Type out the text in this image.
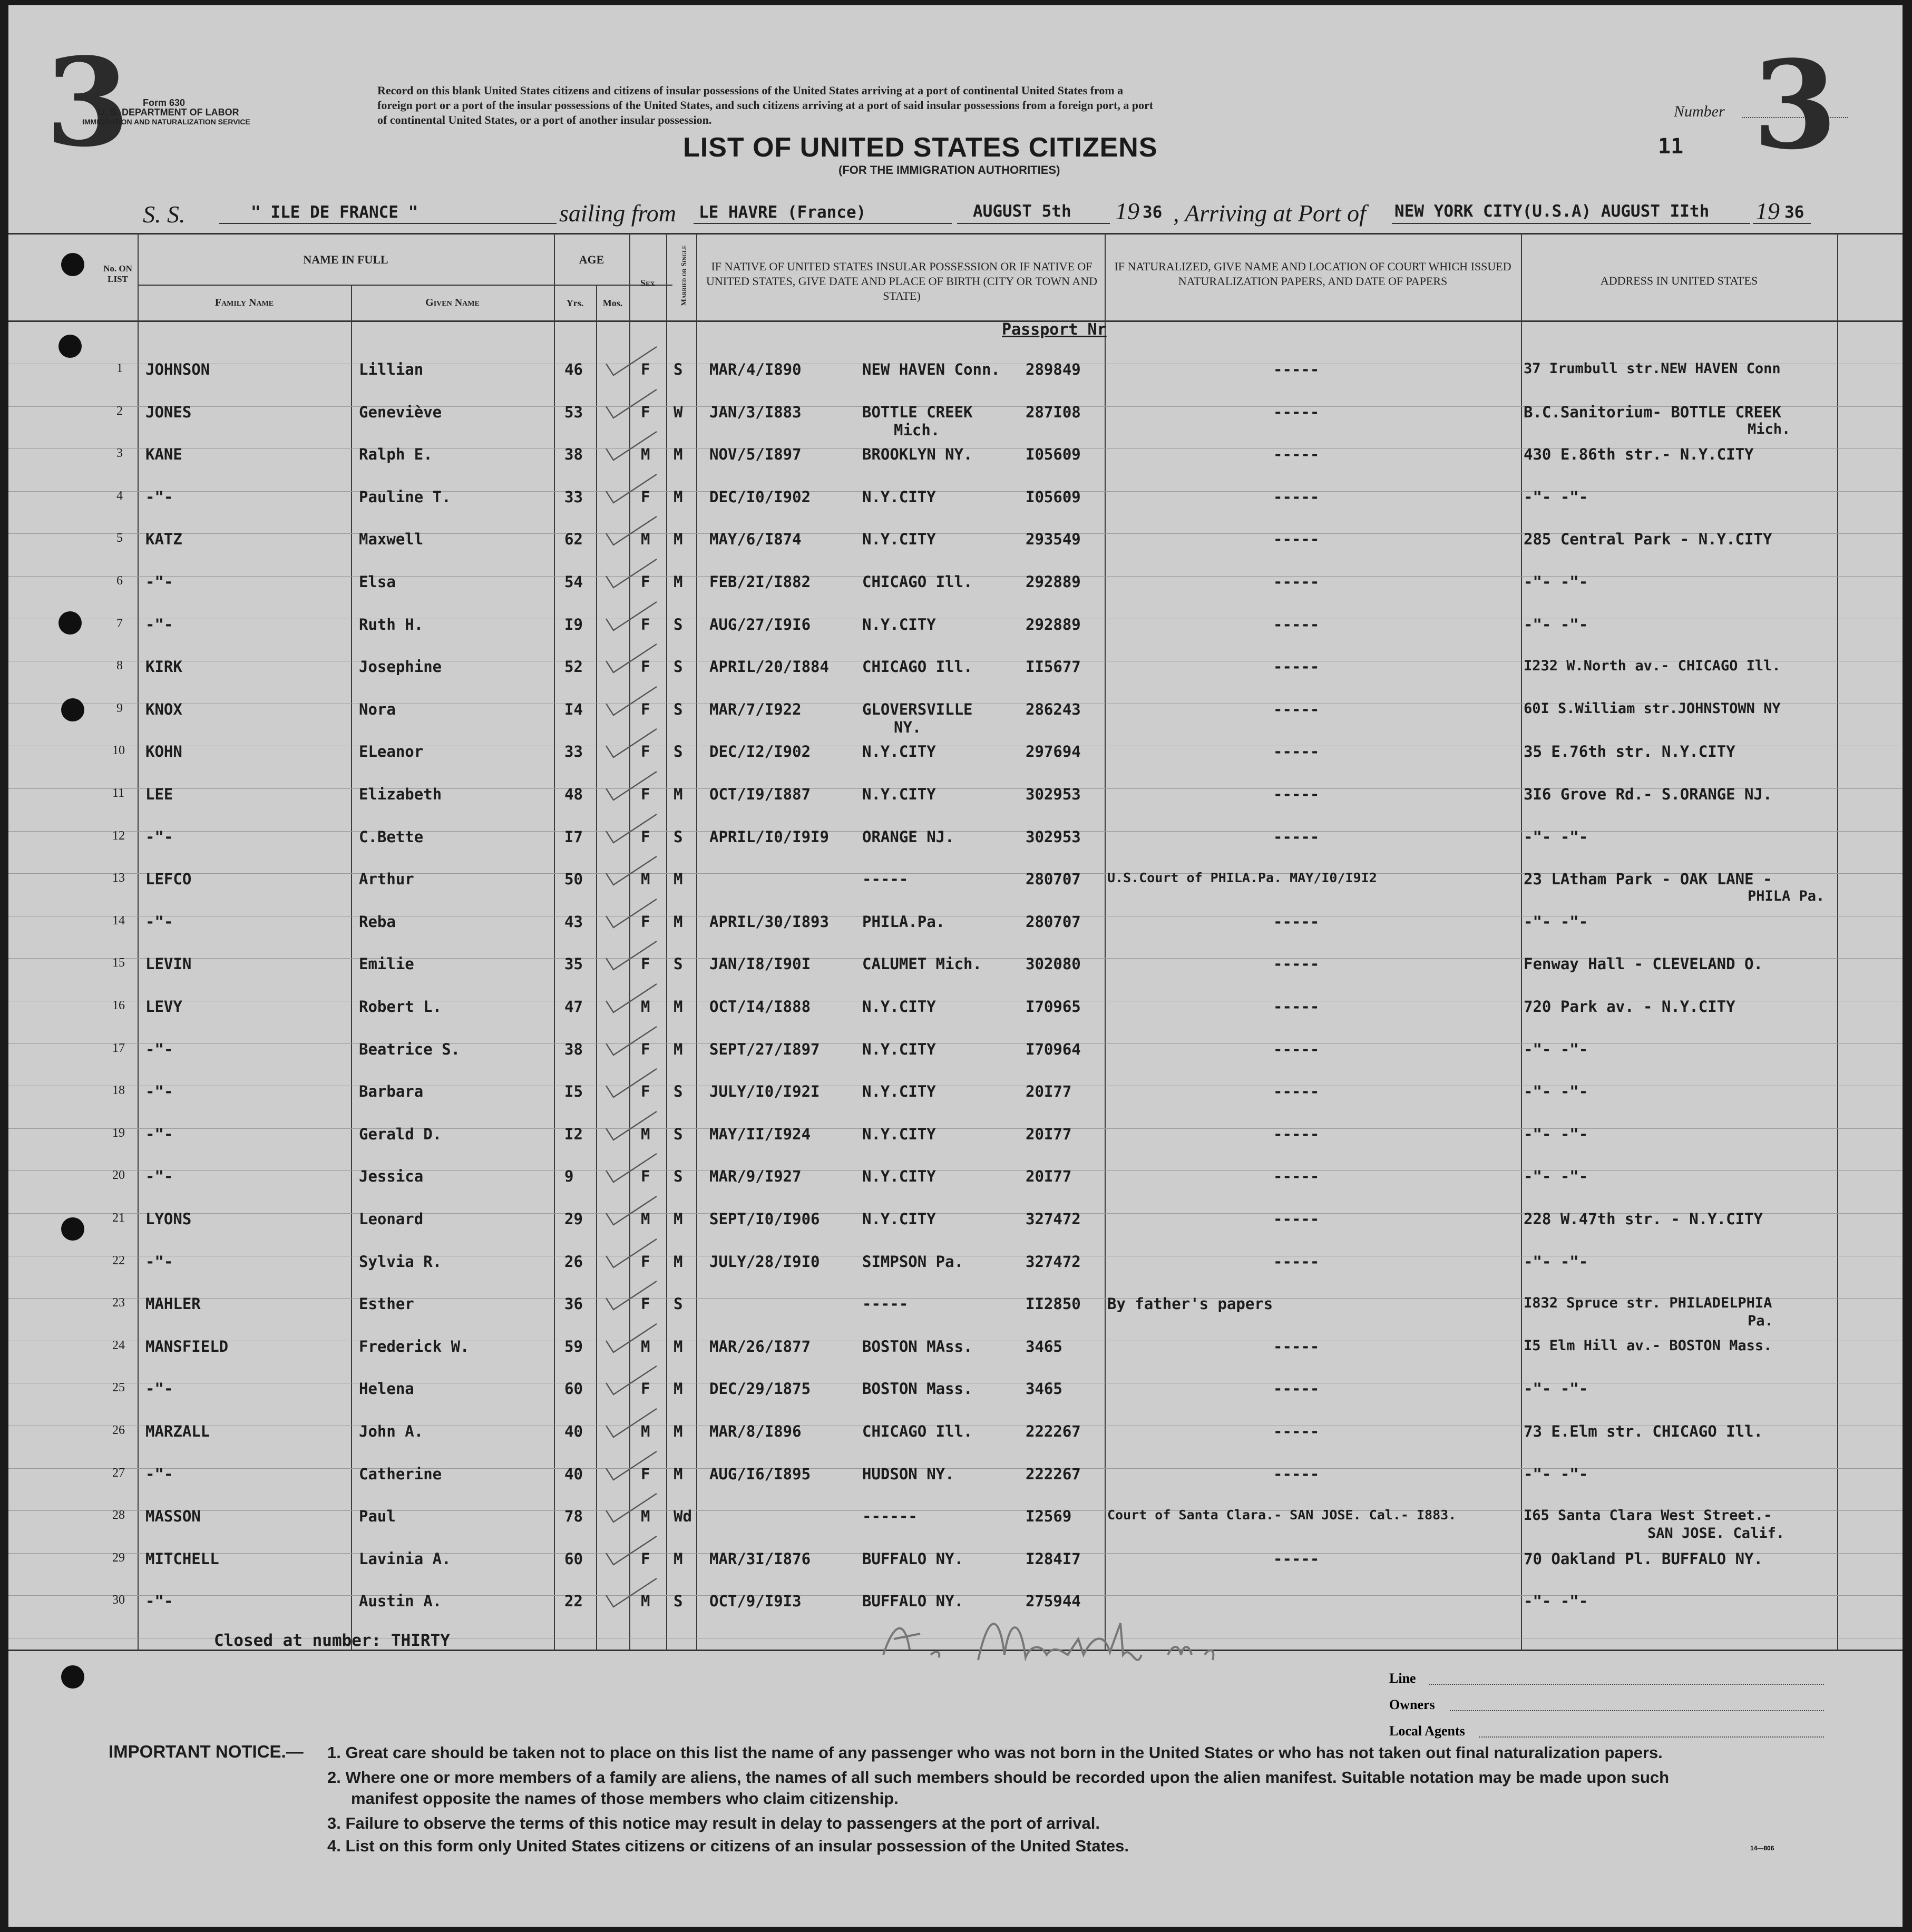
3 Form 630
U. S. DEPARTMENT OF LABOR
IMMIGRATION AND NATURALIZATION SERVICE
Record on this blank United States citizens and citizens of insular possessions of the United States arriving at a port of continental United States from a
foreign port or a port of the insular possessions of the United States, and such citizens arriving at a port of said insular possessions from a foreign port, a port
of continental United States, or a port of another insular possession.	Number 3
11
LIST OF UNITED STATES CITIZENS
(FOR THE IMMIGRATION AUTHORITIES)
S. S.	" ILE DE FRANCE "	sailing from LE HAVRE (France)	AUGUST 5th 19 36 , Arriving at Port of NEW YORK CITY(U.S.A) AUGUST IIth 19 36
No. ON LIST
NAME IN FULL
Family Name	Given Name
AGE
Yrs.	Mos.
Sex	Married or Single	IF NATIVE OF UNITED STATES INSULAR POSSESSION OR IF NATIVE OF UNITED STATES, GIVE DATE AND PLACE OF BIRTH (CITY OR TOWN AND STATE)
IF NATURALIZED, GIVE NAME AND LOCATION OF COURT WHICH ISSUED NATURALIZATION PAPERS, AND DATE OF PAPERS	ADDRESS IN UNITED STATES
Passport Nr
1 JOHNSON	Lillian	46	F S MAR/4/I890	NEW HAVEN Conn. 289849	-----	37 Irumbull str.NEW HAVEN Conn
2 JONES	Geneviève	53	F W JAN/3/I883	BOTTLE CREEK	287I08	-----	B.C.Sanitorium- BOTTLE CREEK
Mich.	Mich.
3 KANE	Ralph E.	38	M M NOV/5/I897	BROOKLYN NY.	I05609	-----	430 E.86th str.- N.Y.CITY
4 -"-	Pauline T.	33	F M DEC/I0/I902	N.Y.CITY	I05609	-----	-"- -"-
5 KATZ	Maxwell	62	M M MAY/6/I874	N.Y.CITY	293549	-----	285 Central Park - N.Y.CITY
6 -"-	Elsa	54	F M FEB/2I/I882	CHICAGO Ill.	292889	-----	-"- -"-
7 -"-	Ruth H.	I9	F S AUG/27/I9I6	N.Y.CITY	292889	-----	-"- -"-
8 KIRK	Josephine	52	F S APRIL/20/I884 CHICAGO Ill.	II5677	-----	I232 W.North av.- CHICAGO Ill.
9 KNOX	Nora	I4	F S MAR/7/I922	GLOVERSVILLE	286243	-----	60I S.William str.JOHNSTOWN NY
NY.
10 KOHN	ELeanor	33	F S DEC/I2/I902	N.Y.CITY	297694	-----	35 E.76th str. N.Y.CITY
11 LEE	Elizabeth	48	F M OCT/I9/I887	N.Y.CITY	302953	-----	3I6 Grove Rd.- S.ORANGE NJ.
12 -"-	C.Bette	I7	F S APRIL/I0/I9I9 ORANGE NJ.	302953	-----	-"- -"-
13 LEFCO	Arthur	50	M M	-----	280707 U.S.Court of PHILA.Pa. MAY/I0/I9I2	23 LAtham Park - OAK LANE -
PHILA Pa.
14 -"-	Reba	43	F M APRIL/30/I893 PHILA.Pa.	280707	-----	-"- -"-
15 LEVIN	Emilie	35	F S JAN/I8/I90I	CALUMET Mich.	302080	-----	Fenway Hall - CLEVELAND O.
16 LEVY	Robert L.	47	M M OCT/I4/I888	N.Y.CITY	I70965	-----	720 Park av. - N.Y.CITY
17 -"-	Beatrice S.	38	F M SEPT/27/I897	N.Y.CITY	I70964	-----	-"- -"-
18 -"-	Barbara	I5	F S JULY/I0/I92I	N.Y.CITY	20I77	-----	-"- -"-
19 -"-	Gerald D.	I2	M S MAY/II/I924	N.Y.CITY	20I77	-----	-"- -"-
20 -"-	Jessica	9	F S MAR/9/I927	N.Y.CITY	20I77	-----	-"- -"-
21 LYONS	Leonard	29	M M SEPT/I0/I906	N.Y.CITY	327472	-----	228 W.47th str. - N.Y.CITY
22 -"-	Sylvia R.	26	F M JULY/28/I9I0	SIMPSON Pa.	327472	-----	-"- -"-
23 MAHLER	Esther	36	F S	-----	II2850 By father's papers	I832 Spruce str. PHILADELPHIA
Pa.
24 MANSFIELD	Frederick W.	59	M M MAR/26/I877	BOSTON MAss.	3465	-----	I5 Elm Hill av.- BOSTON Mass.
25 -"-	Helena	60	F M DEC/29/1875	BOSTON Mass.	3465	-----	-"- -"-
26 MARZALL	John A.	40	M M MAR/8/I896	CHICAGO Ill.	222267	-----	73 E.Elm str. CHICAGO Ill.
27 -"-	Catherine	40	F M AUG/I6/I895	HUDSON NY.	222267	-----	-"- -"-
28 MASSON	Paul	78	M Wd	------	I2569	Court of Santa Clara.- SAN JOSE. Cal.- I883.	I65 Santa Clara West Street.-
SAN JOSE. Calif.
29 MITCHELL	Lavinia A.	60	F M MAR/3I/I876	BUFFALO NY.	I284I7	-----	70 Oakland Pl. BUFFALO NY.
30 -"-	Austin A.	22	M S OCT/9/I9I3	BUFFALO NY.	275944	-"- -"-
Closed at number: THIRTY
Line
Owners
Local Agents
IMPORTANT NOTICE.— 1. Great care should be taken not to place on this list the name of any passenger who was not born in the United States or who has not taken out final naturalization papers.
2. Where one or more members of a family are aliens, the names of all such members should be recorded upon the alien manifest. Suitable notation may be made upon such
manifest opposite the names of those members who claim citizenship.
3. Failure to observe the terms of this notice may result in delay to passengers at the port of arrival.
4. List on this form only United States citizens or citizens of an insular possession of the United States.	14—806
